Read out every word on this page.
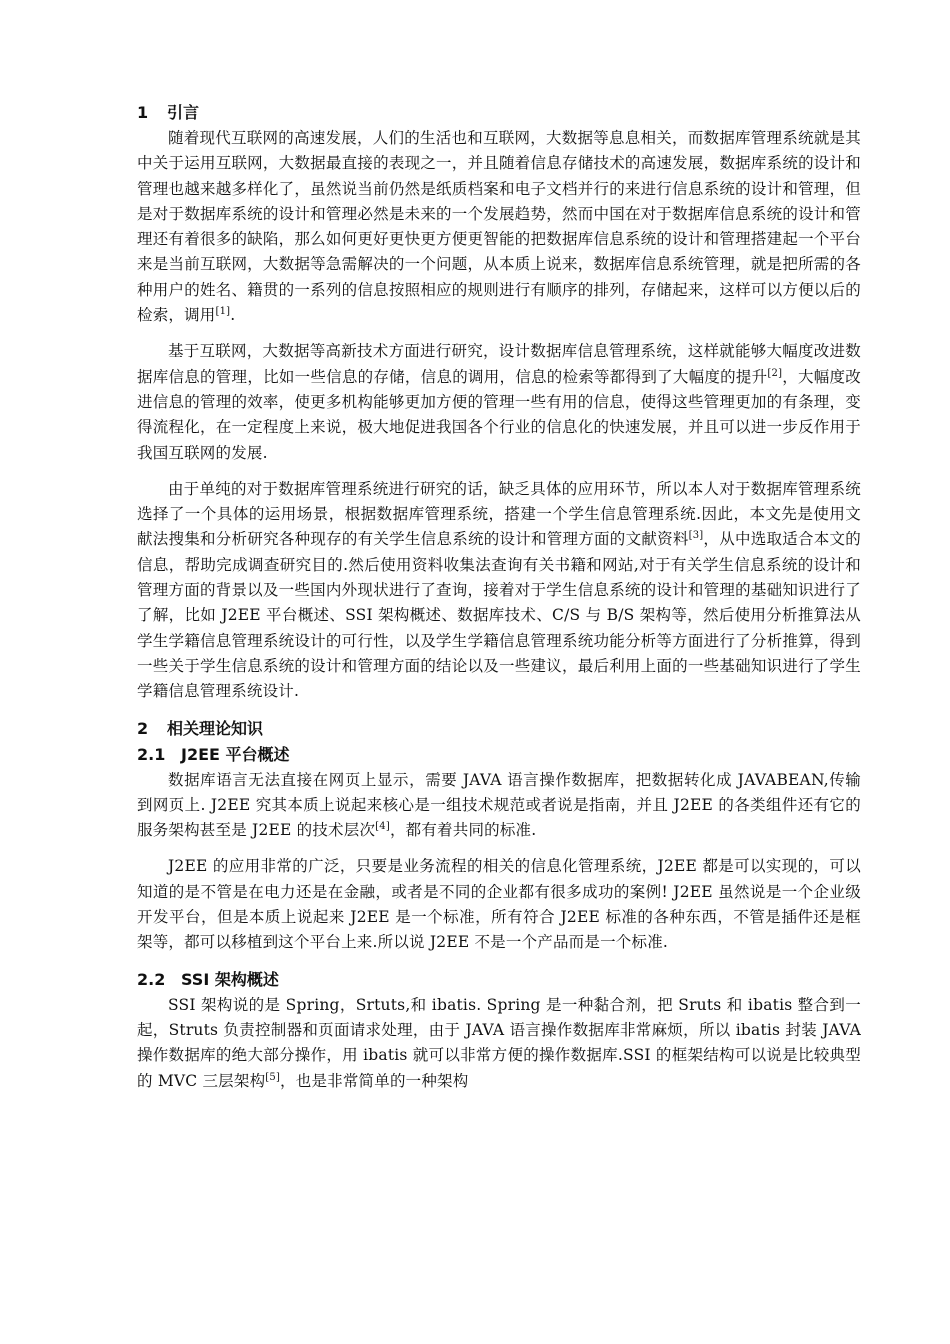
1 引言

随着现代互联网的高速发展，人们的生活也和互联网，大数据等息息相关，而数据库管理系统就是其中关于运用互联网，大数据最直接的表现之一，并且随着信息存储技术的高速发展，数据库系统的设计和管理也越来越多样化了，虽然说当前仍然是纸质档案和电子文档并行的来进行信息系统的设计和管理，但是对于数据库系统的设计和管理必然是未来的一个发展趋势，然而中国在对于数据库信息系统的设计和管理还有着很多的缺陷，那么如何更好更快更方便更智能的把数据库信息系统的设计和管理搭建起一个平台来是当前互联网，大数据等急需解决的一个问题，从本质上说来，数据库信息系统管理，就是把所需的各种用户的姓名、籍贯的一系列的信息按照相应的规则进行有顺序的排列，存储起来，这样可以方便以后的检索，调用[1].

基于互联网，大数据等高新技术方面进行研究，设计数据库信息管理系统，这样就能够大幅度改进数据库信息的管理，比如一些信息的存储，信息的调用，信息的检索等都得到了大幅度的提升[2]，大幅度改进信息的管理的效率，使更多机构能够更加方便的管理一些有用的信息，使得这些管理更加的有条理，变得流程化，在一定程度上来说，极大地促进我国各个行业的信息化的快速发展，并且可以进一步反作用于我国互联网的发展.

由于单纯的对于数据库管理系统进行研究的话，缺乏具体的应用环节，所以本人对于数据库管理系统选择了一个具体的运用场景，根据数据库管理系统，搭建一个学生信息管理系统.因此，本文先是使用文献法搜集和分析研究各种现存的有关学生信息系统的设计和管理方面的文献资料[3]，从中选取适合本文的信息，帮助完成调查研究目的.然后使用资料收集法查询有关书籍和网站,对于有关学生信息系统的设计和管理方面的背景以及一些国内外现状进行了查询，接着对于学生信息系统的设计和管理的基础知识进行了了解，比如 J2EE 平台概述、SSI 架构概述、数据库技术、C/S 与 B/S 架构等，然后使用分析推算法从学生学籍信息管理系统设计的可行性，以及学生学籍信息管理系统功能分析等方面进行了分析推算，得到一些关于学生信息系统的设计和管理方面的结论以及一些建议，最后利用上面的一些基础知识进行了学生学籍信息管理系统设计.

2 相关理论知识
2.1 J2EE 平台概述

数据库语言无法直接在网页上显示，需要 JAVA 语言操作数据库，把数据转化成 JAVABEAN,传输到网页上. J2EE 究其本质上说起来核心是一组技术规范或者说是指南，并且 J2EE 的各类组件还有它的服务架构甚至是 J2EE 的技术层次[4]，都有着共同的标准.

J2EE 的应用非常的广泛，只要是业务流程的相关的信息化管理系统，J2EE 都是可以实现的，可以知道的是不管是在电力还是在金融，或者是不同的企业都有很多成功的案例! J2EE 虽然说是一个企业级开发平台，但是本质上说起来 J2EE 是一个标准，所有符合 J2EE 标准的各种东西，不管是插件还是框架等，都可以移植到这个平台上来.所以说 J2EE 不是一个产品而是一个标准.

2.2 SSI 架构概述

SSI 架构说的是 Spring，Srtuts,和 ibatis. Spring 是一种黏合剂，把 Sruts 和 ibatis 整合到一起，Struts 负责控制器和页面请求处理，由于 JAVA 语言操作数据库非常麻烦，所以 ibatis 封装 JAVA 操作数据库的绝大部分操作，用 ibatis 就可以非常方便的操作数据库.SSI 的框架结构可以说是比较典型的 MVC 三层架构[5]，也是非常简单的一种架构
